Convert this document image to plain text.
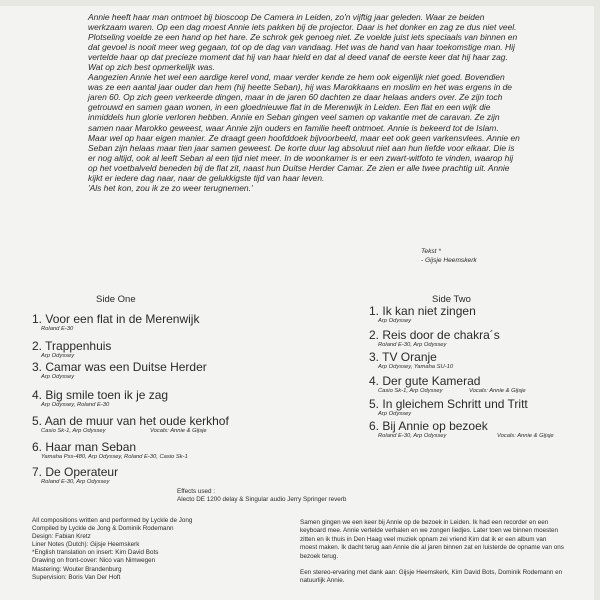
Annie heeft haar man ontmoet bij bioscoop De Camera in Leiden, zo'n vijftig jaar geleden. Waar ze beiden werkzaam waren. Op een dag moest Annie iets pakken bij de projector. Daar is het donker en zag ze dus niet veel. Plotseling voelde ze een hand op het hare. Ze schrok gek genoeg niet. Ze voelde juist iets speciaals van binnen en dat gevoel is nooit meer weg gegaan, tot op de dag van vandaag. Het was de hand van haar toekomstige man. Hij vertelde haar op dat precieze moment dat hij van haar hield en dat al deed vanaf de eerste keer dat hij haar zag. Wat op zich best opmerkelijk was.

Aangezien Annie het wel een aardige kerel vond, maar verder kende ze hem ook eigenlijk niet goed. Bovendien was ze een aantal jaar ouder dan hem (hij heette Seban), hij was Marokkaans en moslim en het was ergens in de jaren 60. Op zich geen verkeerde dingen, maar in de jaren 60 dachten ze daar helaas anders over. Ze zijn toch getrouwd en samen gaan wonen, in een gloednieuwe flat in de Merenwijk in Leiden. Een flat en een wijk die inmiddels hun glorie verloren hebben. Annie en Seban gingen veel samen op vakantie met de caravan. Ze zijn samen naar Marokko geweest, waar Annie zijn ouders en familie heeft ontmoet. Annie is bekeerd tot de Islam. Maar wel op haar eigen manier. Ze draagt geen hoofddoek bijvoorbeeld, maar eet ook geen varkensvlees. Annie en Seban zijn helaas maar tien jaar samen geweest. De korte duur lag absoluut niet aan hun liefde voor elkaar. Die is er nog altijd, ook al leeft Seban al een tijd niet meer. In de woonkamer is er een zwart-witfoto te vinden, waarop hij op het voetbalveld beneden bij de flat zit, naast hun Duitse Herder Camar. Ze zien er alle twee prachtig uit. Annie kijkt er iedere dag naar, naar de gelukkigste tijd van haar leven.

'Als het kon, zou ik ze zo weer terugnemen.'

Tekst *
- Gijsje Heemskerk
Side One
1. Voor een flat in de Merenwijk
Roland E-30
2. Trappenhuis
Arp Odyssey
3. Camar was een Duitse Herder
Arp Odyssey
4. Big smile toen ik je zag
Arp Odyssey, Roland E-30
5. Aan de muur van het oude kerkhof
Casio Sk-1, Arp Odyssey	Vocals: Annie & Gijsje
6. Haar man Seban
Yamaha Pss-480, Arp Odyssey, Roland E-30, Casio Sk-1
7. De Operateur
Roland E-30, Arp Odyssey
Side Two
1. Ik kan niet zingen
Arp Odyssey
2. Reis door de chakra´s
Roland E-30, Arp Odyssey
3. TV Oranje
Arp Odyssey, Yamaha SU-10
4. Der gute Kamerad
Casio Sk-1, Arp Odyssey	Vocals: Annie & Gijsje
5. In gleichem Schritt und Tritt
Arp Odyssey
6. Bij Annie op bezoek
Roland E-30, Arp Odyssey	Vocals: Annie & Gijsje
Effects used :
Alecto DE 1200 delay & Singular audio Jerry Springer reverb
All compositions written and performed by Lyckle de Jong
Compiled by Lyckle de Jong & Dominik Rodemann
Design: Fabian Kretz
Liner Notes (Dutch): Gijsje Heemskerk
*English translation on insert: Kim David Bots
Drawing on front-cover: Nico van Nimwegen
Mastering: Wouter Brandenburg
Supervision: Boris Van Der Hoft

Samen gingen we een keer bij Annie op de bezoek in Leiden. Ik had een recorder en een keyboard mee. Annie vertelde verhalen en we zongen liedjes. Later toen we binnen moesten zitten en ik thuis in Den Haag veel muziek opnam zei vriend Kim dat ik er een album van moest maken. Ik dacht terug aan Annie die al jaren binnen zat en luisterde de opname van ons bezoek terug.

Een stereo-ervaring met dank aan: Gijsje Heemskerk, Kim David Bots, Dominik Rodemann en natuurlijk Annie.
